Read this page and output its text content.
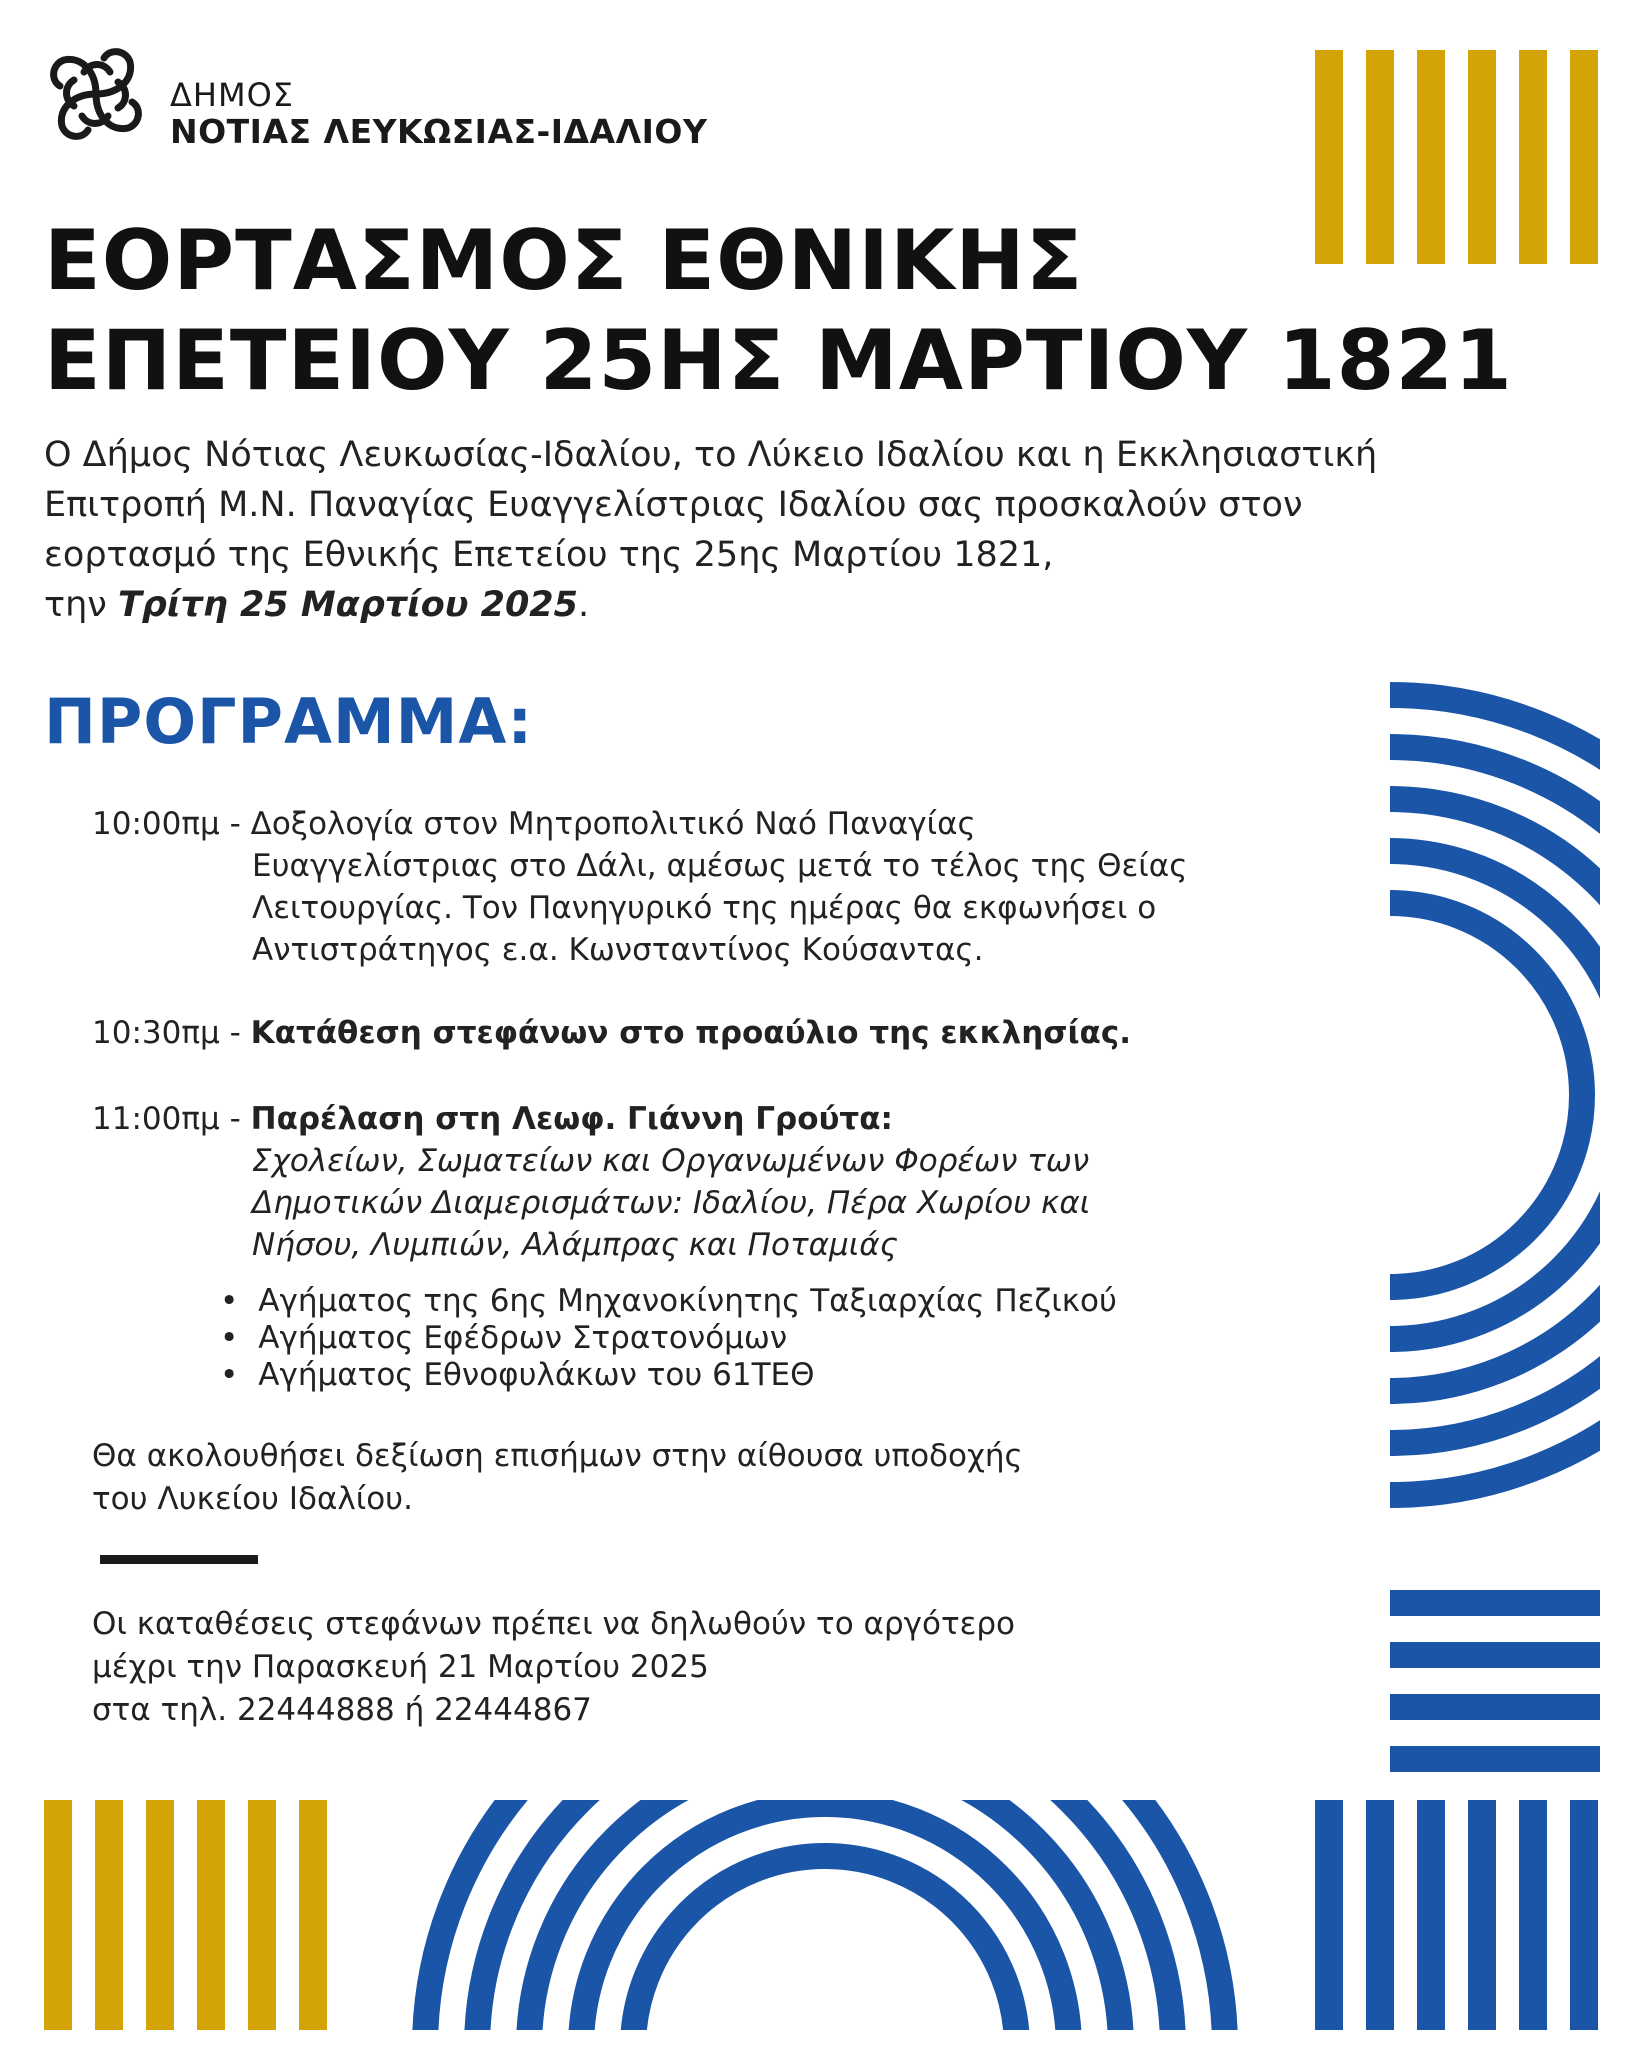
ΔΗΜΟΣ
ΝΟΤΙΑΣ ΛΕΥΚΩΣΙΑΣ-ΙΔΑΛΙΟΥ
ΕΟΡΤΑΣΜΟΣ ΕΘΝΙΚΗΣ
ΕΠΕΤΕΙΟΥ 25ΗΣ ΜΑΡΤΙΟΥ 1821
Ο Δήμος Νότιας Λευκωσίας-Ιδαλίου, το Λύκειο Ιδαλίου και η Εκκλησιαστική
Επιτροπή Μ.Ν. Παναγίας Ευαγγελίστριας Ιδαλίου σας προσκαλούν στον
εορτασμό της Εθνικής Επετείου της 25ης Μαρτίου 1821,
την Τρίτη 25 Μαρτίου 2025.
ΠΡΟΓΡΑΜΜΑ:
10:00πμ - Δοξολογία στον Μητροπολιτικό Ναό Παναγίας
Ευαγγελίστριας στο Δάλι, αμέσως μετά το τέλος της Θείας
Λειτουργίας. Τον Πανηγυρικό της ημέρας θα εκφωνήσει ο
Αντιστράτηγος ε.α. Κωνσταντίνος Κούσαντας.
10:30πμ - Κατάθεση στεφάνων στο προαύλιο της εκκλησίας.
11:00πμ - Παρέλαση στη Λεωφ. Γιάννη Γρούτα:
Σχολείων, Σωματείων και Οργανωμένων Φορέων των
Δημοτικών Διαμερισμάτων: Ιδαλίου, Πέρα Χωρίου και
Νήσου, Λυμπιών, Αλάμπρας και Ποταμιάς
• Αγήματος της 6ης Μηχανοκίνητης Ταξιαρχίας Πεζικού
• Αγήματος Εφέδρων Στρατονόμων
• Αγήματος Εθνοφυλάκων του 61ΤΕΘ
Θα ακολουθήσει δεξίωση επισήμων στην αίθουσα υποδοχής
του Λυκείου Ιδαλίου.
Οι καταθέσεις στεφάνων πρέπει να δηλωθούν το αργότερο
μέχρι την Παρασκευή 21 Μαρτίου 2025
στα τηλ. 22444888 ή 22444867
